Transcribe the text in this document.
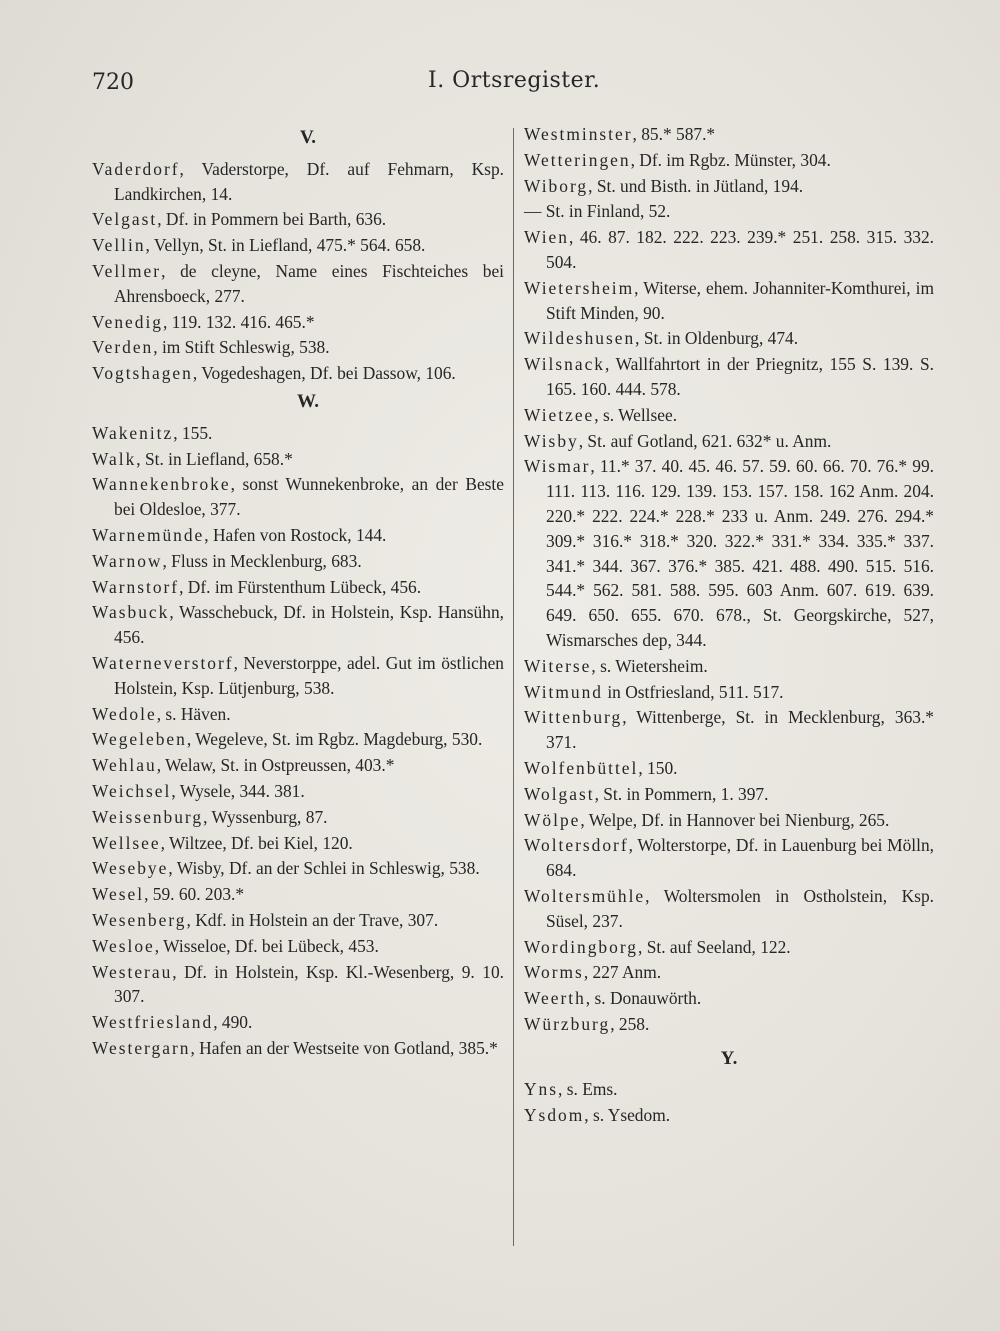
720	I. Ortsregister.
V.
Vaderdorf, Vaderstorpe, Df. auf Fehmarn, Ksp. Landkirchen, 14.
Velgast, Df. in Pommern bei Barth, 636.
Vellin, Vellyn, St. in Liefland, 475.* 564. 658.
Vellmer, de cleyne, Name eines Fischteiches bei Ahrensboeck, 277.
Venedig, 119. 132. 416. 465.*
Verden, im Stift Schleswig, 538.
Vogtshagen, Vogedeshagen, Df. bei Dassow, 106.
W.
Wakenitz, 155.
Walk, St. in Liefland, 658.*
Wannekenbroke, sonst Wunnekenbroke, an der Beste bei Oldesloe, 377.
Warnemünde, Hafen von Rostock, 144.
Warnow, Fluss in Mecklenburg, 683.
Warnstorf, Df. im Fürstenthum Lübeck, 456.
Wasbuck, Wasschebuck, Df. in Holstein, Ksp. Hansühn, 456.
Waterneverstorf, Neverstorppe, adel. Gut im östlichen Holstein, Ksp. Lütjenburg, 538.
Wedole, s. Häven.
Wegeleben, Wegeleve, St. im Rgbz. Magdeburg, 530.
Wehlau, Welaw, St. in Ostpreussen, 403.*
Weichsel, Wysele, 344. 381.
Weissenburg, Wyssenburg, 87.
Wellsee, Wiltzee, Df. bei Kiel, 120.
Wesebye, Wisby, Df. an der Schlei in Schleswig, 538.
Wesel, 59. 60. 203.*
Wesenberg, Kdf. in Holstein an der Trave, 307.
Wesloe, Wisseloe, Df. bei Lübeck, 453.
Westerau, Df. in Holstein, Ksp. Kl.-Wesenberg, 9. 10. 307.
Westfriesland, 490.
Westergarn, Hafen an der Westseite von Gotland, 385.*
Westminster, 85.* 587.*
Wetteringen, Df. im Rgbz. Münster, 304.
Wiborg, St. und Bisth. in Jütland, 194.
— St. in Finland, 52.
Wien, 46. 87. 182. 222. 223. 239.* 251. 258. 315. 332. 504.
Wietersheim, Witerse, ehem. Johanniter-Komthurei, im Stift Minden, 90.
Wildeshusen, St. in Oldenburg, 474.
Wilsnack, Wallfahrtort in der Priegnitz, 155 S. 139. S. 165. 160. 444. 578.
Wietzee, s. Wellsee.
Wisby, St. auf Gotland, 621. 632* u. Anm.
Wismar, 11.* 37. 40. 45. 46. 57. 59. 60. 66. 70. 76.* 99. 111. 113. 116. 129. 139. 153. 157. 158. 162 Anm. 204. 220.* 222. 224.* 228.* 233 u. Anm. 249. 276. 294.* 309.* 316.* 318.* 320. 322.* 331.* 334. 335.* 337. 341.* 344. 367. 376.* 385. 421. 488. 490. 515. 516. 544.* 562. 581. 588. 595. 603 Anm. 607. 619. 639. 649. 650. 655. 670. 678., St. Georgskirche, 527, Wismarsches dep, 344.
Witerse, s. Wietersheim.
Witmund in Ostfriesland, 511. 517.
Wittenburg, Wittenberge, St. in Mecklenburg, 363.* 371.
Wolfenbüttel, 150.
Wolgast, St. in Pommern, 1. 397.
Wölpe, Welpe, Df. in Hannover bei Nienburg, 265.
Woltersdorf, Wolterstorpe, Df. in Lauenburg bei Mölln, 684.
Woltersmühle, Woltersmolen in Ostholstein, Ksp. Süsel, 237.
Wordingborg, St. auf Seeland, 122.
Worms, 227 Anm.
Weerth, s. Donauwörth.
Würzburg, 258.
Y.
Yns, s. Ems.
Ysdom, s. Ysedom.
